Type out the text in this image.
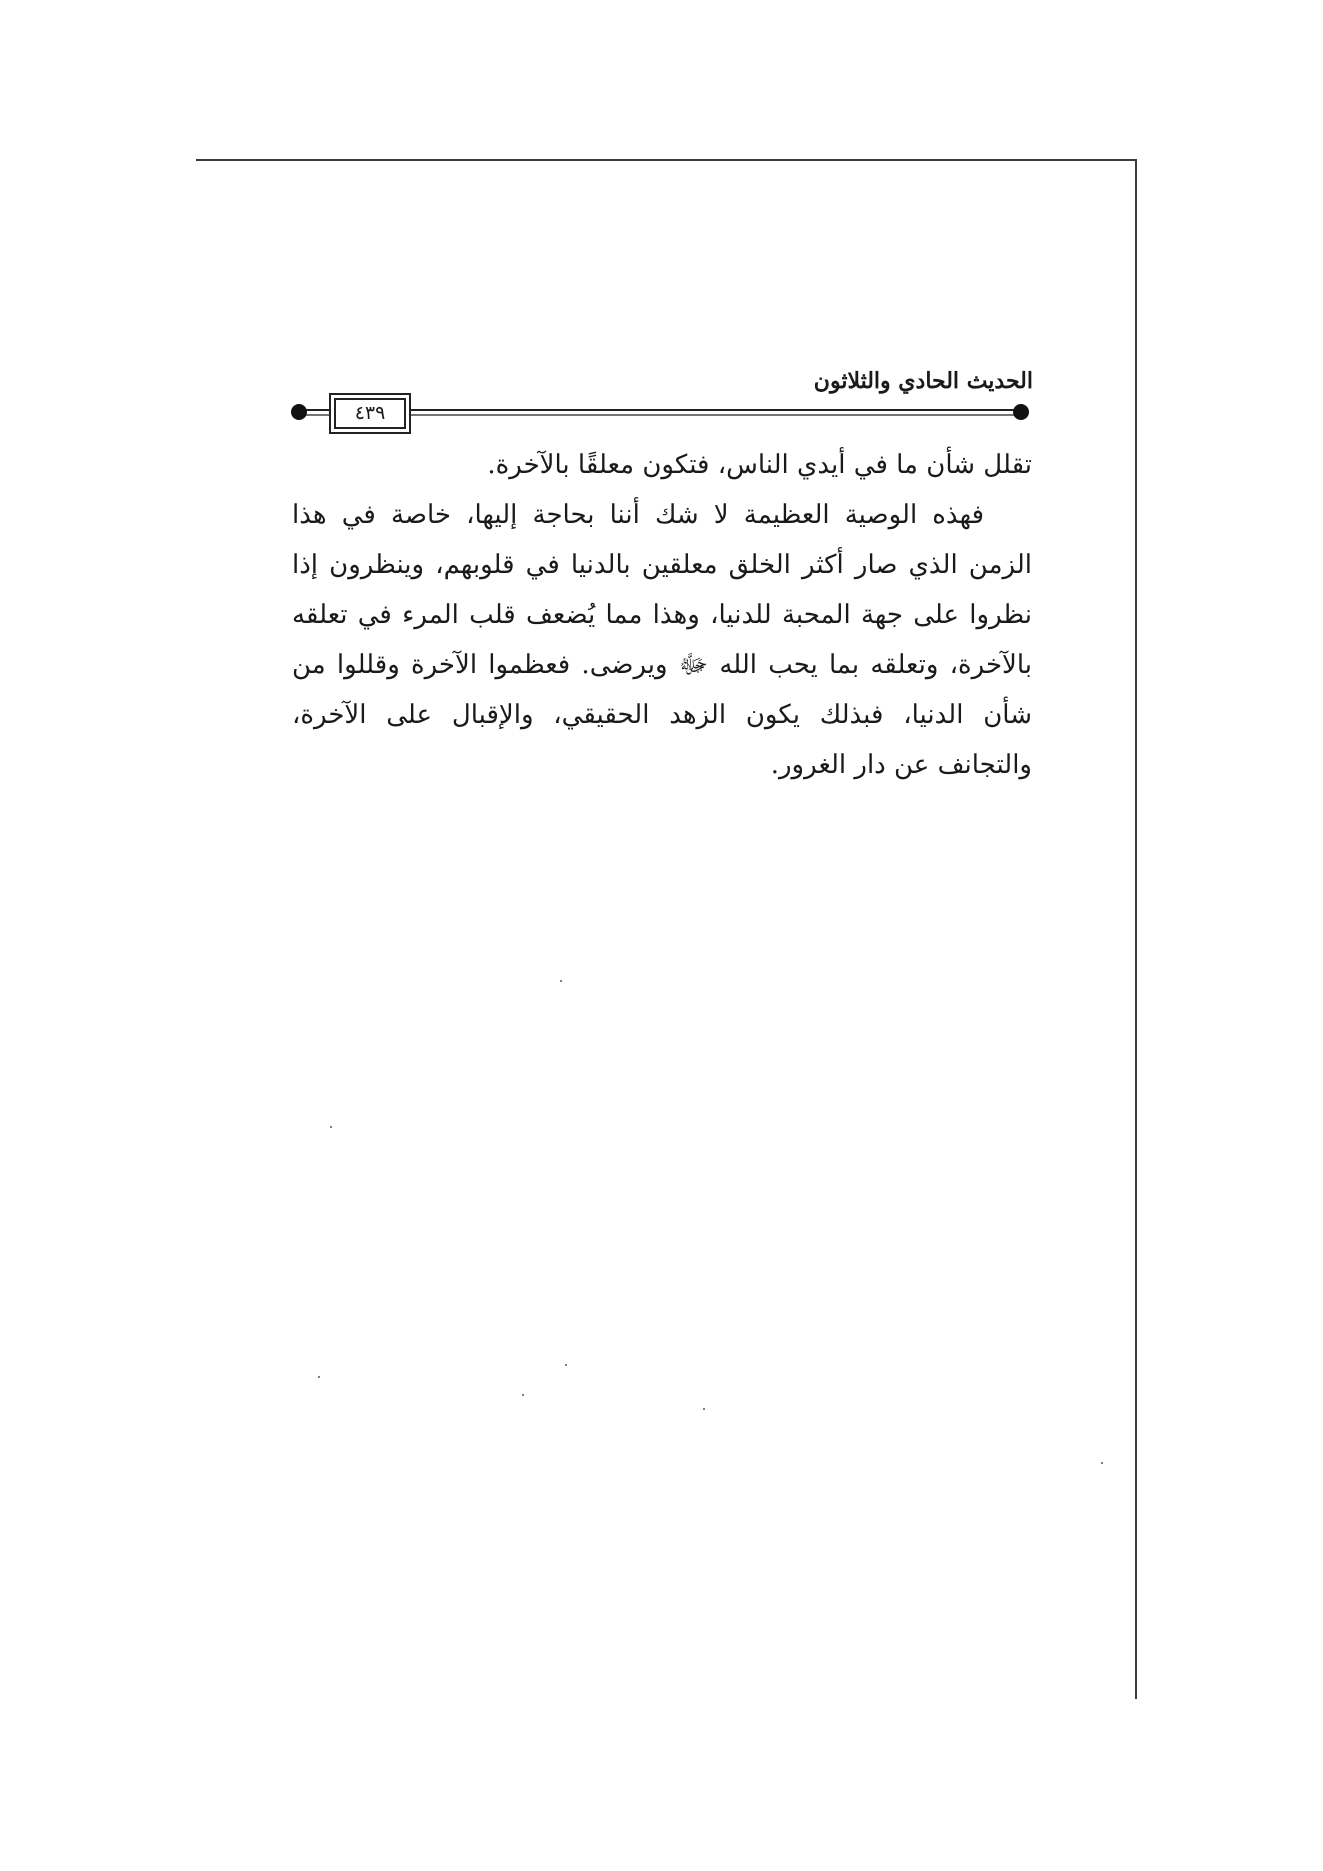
الحديث الحادي والثلاثون
٤٣٩

تقلل شأن ما في أيدي الناس، فتكون معلقًا بالآخرة.

فهذه الوصية العظيمة لا شك أننا بحاجة إليها، خاصة في هذا الزمن الذي صار أكثر الخلق معلقين بالدنيا في قلوبهم، وينظرون إذا نظروا على جهة المحبة للدنيا، وهذا مما يُضعف قلب المرء في تعلقه بالآخرة، وتعلقه بما يحب الله ﷻ ويرضى. فعظموا الآخرة وقللوا من شأن الدنيا، فبذلك يكون الزهد الحقيقي، والإقبال على الآخرة، والتجانف عن دار الغرور.
